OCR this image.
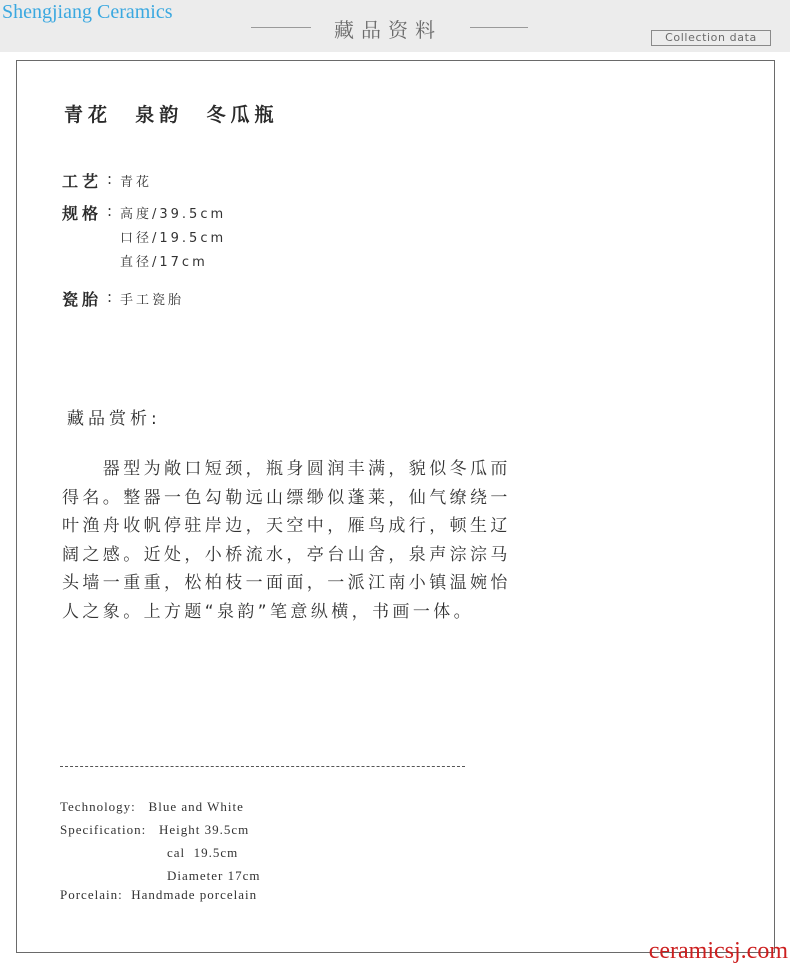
Shengjiang Ceramics
藏品资料	Collection data
青花  泉韵  冬瓜瓶
工艺 : 青花
规格 : 高度/39.5cm
口径/19.5cm
直径/17cm
瓷胎 : 手工瓷胎
藏品赏析:
　　器型为敞口短颈，瓶身圆润丰满，貌似冬瓜而
得名。整器一色勾勒远山缥缈似蓬莱，仙气缭绕一
叶渔舟收帆停驻岸边，天空中，雁鸟成行，顿生辽
阔之感。近处，小桥流水，亭台山舍，泉声淙淙马
头墙一重重，松柏枝一面面，一派江南小镇温婉怡
人之象。上方题“泉韵”笔意纵横，书画一体。
Technology:   Blue and White
Specification:   Height 39.5cm
cal  19.5cm
Diameter 17cm
Porcelain:  Handmade porcelain
ceramicsj.com
